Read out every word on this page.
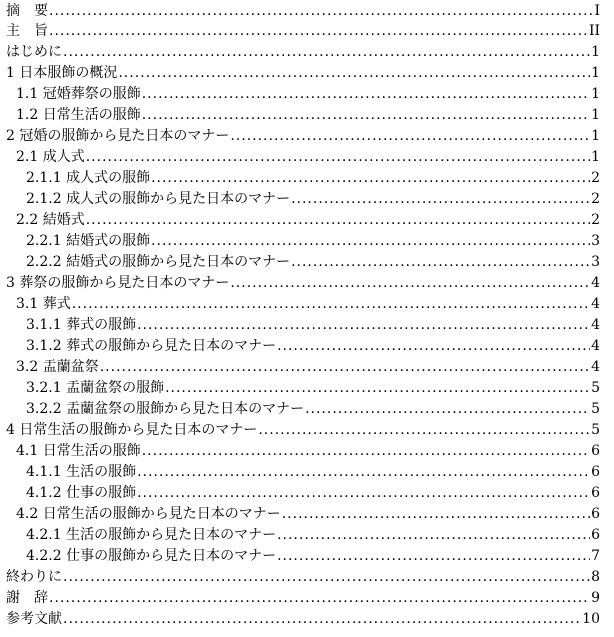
摘　要 .....	I
主　旨 .....	II
はじめに .....	1
1 日本服飾の概況 .....	1
1.1 冠婚葬祭の服飾 .....	1
1.2 日常生活の服飾 .....	1
2 冠婚の服飾から見た日本のマナー .....	1
2.1 成人式 .....	1
2.1.1 成人式の服飾 .....	2
2.1.2 成人式の服飾から見た日本のマナー .....	2
2.2 結婚式 .....	2
2.2.1 結婚式の服飾 .....	3
2.2.2 結婚式の服飾から見た日本のマナー .....	3
3 葬祭の服飾から見た日本のマナー .....	4
3.1 葬式 .....	4
3.1.1 葬式の服飾 .....	4
3.1.2 葬式の服飾から見た日本のマナー .....	4
3.2 盂蘭盆祭 .....	4
3.2.1 盂蘭盆祭の服飾 .....	5
3.2.2 盂蘭盆祭の服飾から見た日本のマナー .....	5
4 日常生活の服飾から見た日本のマナー .....	5
4.1 日常生活の服飾 .....	6
4.1.1 生活の服飾 .....	6
4.1.2 仕事の服飾 .....	6
4.2 日常生活の服飾から見た日本のマナー .....	6
4.2.1 生活の服飾から見た日本のマナー .....	6
4.2.2 仕事の服飾から見た日本のマナー .....	7
終わりに .....	8
謝　辞 .....	9
参考文献 .....	10
